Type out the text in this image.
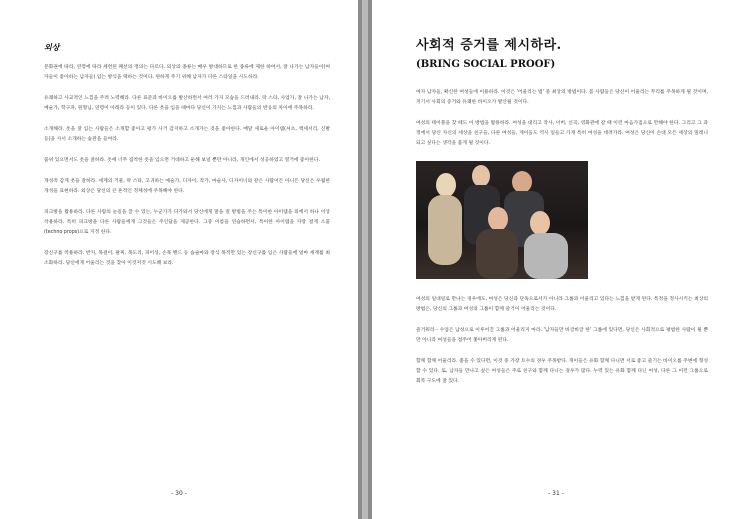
외상

문화권에 따라, 연령에 따라 세련된 패션의 정의는 다르다. 외상의 종류는 매우 방대하므로 한 종류에 제한 하여서, 잘 나가는 남자들이(여자들이 좋아하는 남자들) 입는 방식을 택하는 것이다. 편하게 주기 위해 남자가 다른 스타일을 시도하라.

유쾌하고 사교적인 느낌을 주려 노력해라. 다른 표준과 바이오를 발산하면서 여러 가지 모습을 드러내라. 락 스타, 사업가, 잘 나가는 남자, 예술가, 학구파, 원형님, 연령이 아래라 등이 있다. 다른 옷을 입을 때마다 당신이 가지는 느낌과 사람들의 반응의 차이에 주목하라.

소개해라. 옷을 잘 입는 사람들은 소개할 좋아고 평가 사거 감지하고 소개가는 것을 좋아한다. 매달 새로운 아이템(셔츠, 액세서리, 신발 등)을 사서 소개하는 습관을 들여라.

품위 있으면서도 옷을 잘하라. 옷에 너무 집착한 옷을 입으면 거대하고 둔해 보일 뿐만 아니라, 개인에서 성공하였고 열거에 좋아한다.

개성적 감게 옷을 잘하라. 세계의 거물, 락 스타, 고귀하는 예술가, 디자이, 작가, 마술사, 디자이너와 같은 사람이든 아니든 당신은 우월한 개성을 표현하라. 외상은 당신의 큰 흔적인 정체성에 주목해야 한다.

피크방을 활용하라. 다른 사람의 눈길을 끌 수 있는, 누군가가 다가와서 당신에게 말을 걸 방법을 주는 특이한 아이템을 외에서 하나 이상 착용하라. 특히 피크방을 다른 사람들에게 그것들은 주인답을 제공한다. 그중 이름을 연습하면서, 특이한 아이템을 자랑 걸게 소품(techno props)으로 지정 한다.

장신구를 착용하라. 반지, 목걸이, 팔찌, 목도리, 피어싱, 손목 밴드 등 습슬마와 장식 목적만 있는 장신구를 입은 사람들에 얼마 세계를 최소화하라. 당신에게 어울리는 것을 찾아 이것저것 시도해 보라.

- 30 -

사회적 증거를 제시하라.

(BRING SOCIAL PROOF)

여자 남자들, 확신한 여성들에 이용하라. 이것은 '어울리는 법' 중 최상의 방법이다. 몸 사람들은 당신이 어울리는 무리를 주목하게 될 것이며, 저기서 사회의 증거와 유쾌한 바이오가 발산될 것이다.

여성의 테이블을 찾 때도 이 방법을 활용하라. 여성을 대리고 작사, 이버, 신곡, 영화관에 갈 때 이런 마음가짐으로 만해야 한다. 그리고 그 과정에서 당신 자신의 세상을 친구들, 다른 여성들, 게이들도 역시 일들고 가게 특히 여성을 데려가라. 여성은 당신이 손대 모든 세상의 밀레니 되고 싶다는 생각을 품게 될 것이다.

여성의 일대일로 만나는 경우에도, 여성은 당신과 단독으로서가 아니라 그룹과 어울리고 있다는 느낌을 받게 된다. 특정을 정사시키는 최상의 방법은, 당신의 그룹과 여성의 그룹이 함께 즐거이 어울리는 것이다.

즐거워라 - 수업은 남성으로 이루어진 그룹과 어울리지 마라. '남자들만 바글바글 한' 그룹에 있다면, 당신은 사회적으로 평범한 사람이 될 뿐만 아니라 여성들을 접주어 쫓아버리게 된다.

함께 함께 어울리라. 춤을 수 있다면, 이것 중 가장 트수의 경우 주목받다. 게이들은 유화 함께 다니면 서로 좋고 즐기는 바이오를 주변에 형성할 수 있다. 또, 남자들 만나고 싶은 여성들은 주로 친구와 함께 다니는 경우가 많다. 누력 있는 유화 함께 다닌 여성, 다른 그 이런 그룹으로 회복 구도에 잘 있다.

- 31 -
